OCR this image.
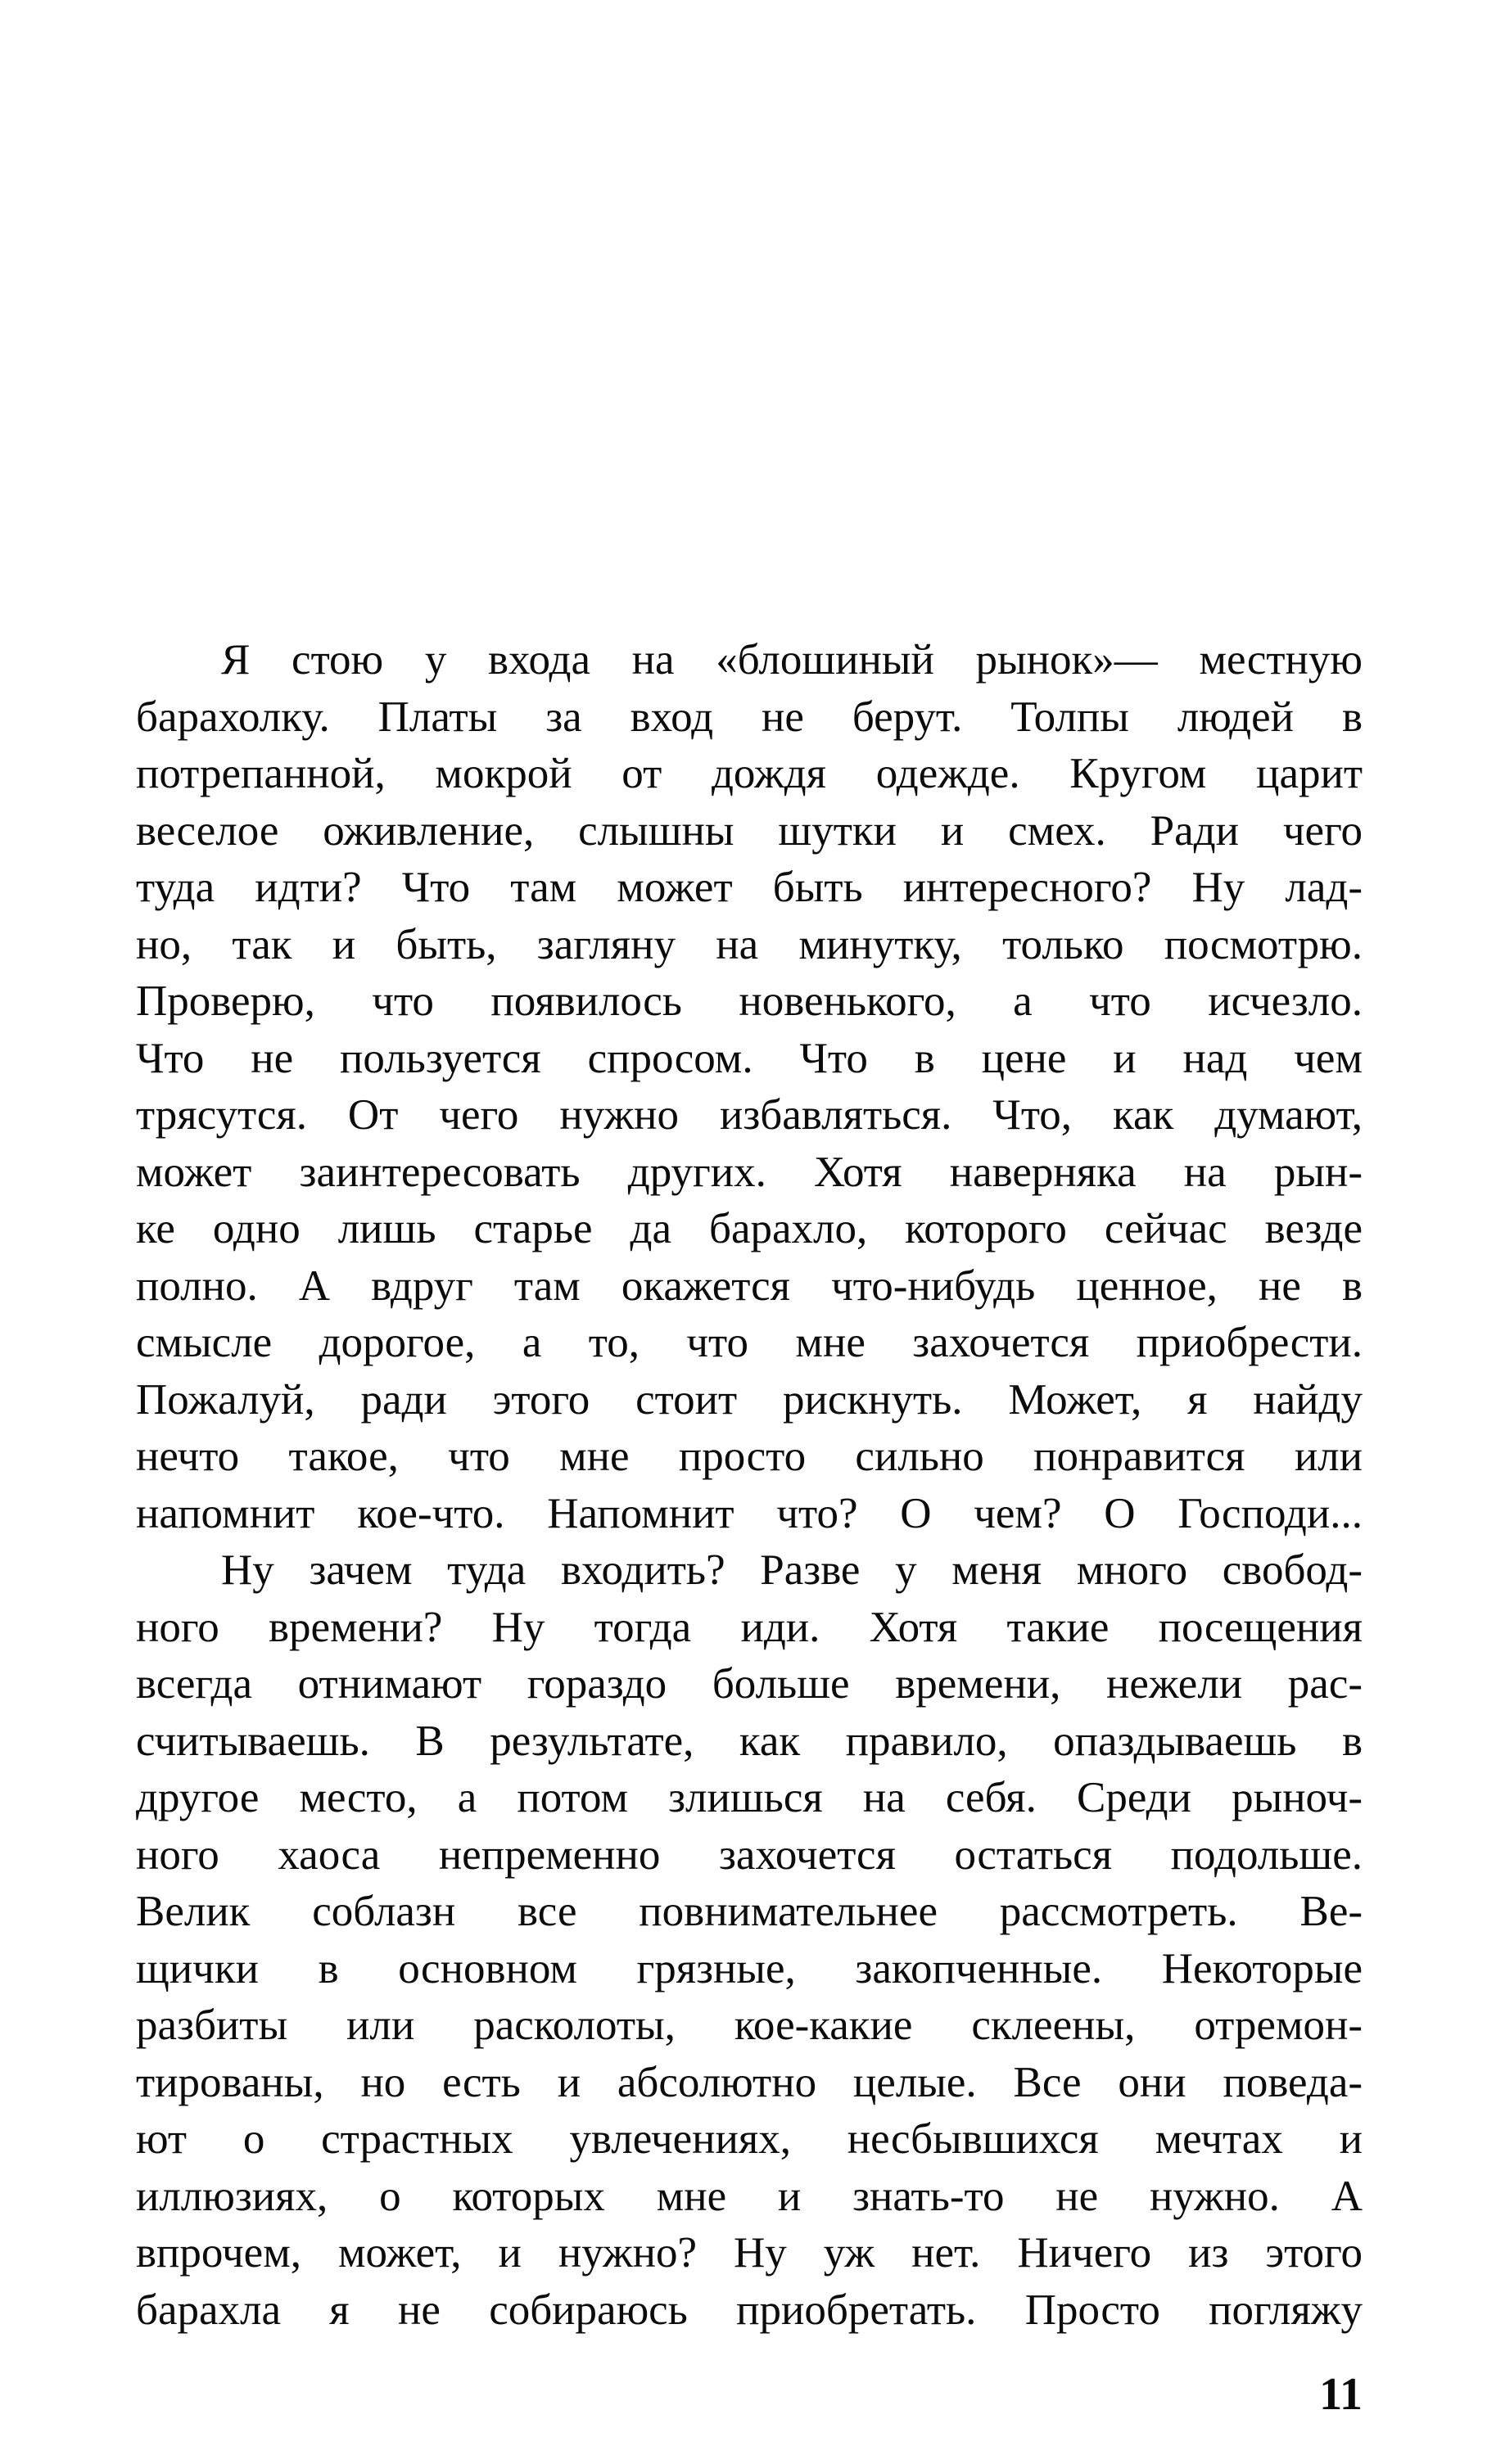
Я стою у входа на «блошиный рынок»— местную
барахолку. Платы за вход не берут. Толпы людей в
потрепанной, мокрой от дождя одежде. Кругом царит
веселое оживление, слышны шутки и смех. Ради чего
туда идти? Что там может быть интересного? Ну лад-
но, так и быть, загляну на минутку, только посмотрю.
Проверю, что появилось новенького, а что исчезло.
Что не пользуется спросом. Что в цене и над чем
трясутся. От чего нужно избавляться. Что, как думают,
может заинтересовать других. Хотя наверняка на рын-
ке одно лишь старье да барахло, которого сейчас везде
полно. А вдруг там окажется что-нибудь ценное, не в
смысле дорогое, а то, что мне захочется приобрести.
Пожалуй, ради этого стоит рискнуть. Может, я найду
нечто такое, что мне просто сильно понравится или
напомнит кое-что. Напомнит что? О чем? О Господи...
Ну зачем туда входить? Разве у меня много свобод-
ного времени? Ну тогда иди. Хотя такие посещения
всегда отнимают гораздо больше времени, нежели рас-
считываешь. В результате, как правило, опаздываешь в
другое место, а потом злишься на себя. Среди рыноч-
ного хаоса непременно захочется остаться подольше.
Велик соблазн все повнимательнее рассмотреть. Ве-
щички в основном грязные, закопченные. Некоторые
разбиты или расколоты, кое-какие склеены, отремон-
тированы, но есть и абсолютно целые. Все они поведа-
ют о страстных увлечениях, несбывшихся мечтах и
иллюзиях, о которых мне и знать-то не нужно. А
впрочем, может, и нужно? Ну уж нет. Ничего из этого
барахла я не собираюсь приобретать. Просто погляжу
11
